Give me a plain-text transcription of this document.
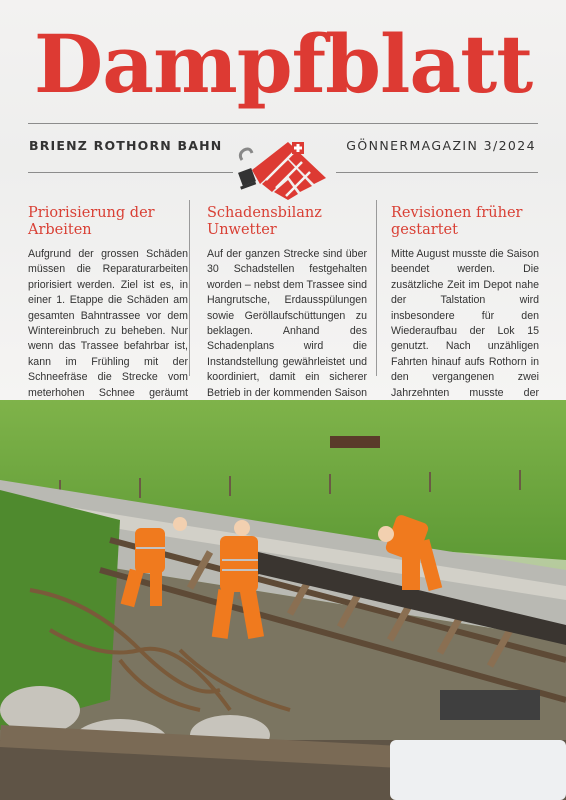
Dampfblatt
BRIENZ ROTHORN BAHN	GÖNNERMAGAZIN 3/2024
Priorisierung der Arbeiten

Aufgrund der grossen Schäden müssen die Reparaturarbeiten priorisiert werden. Ziel ist es, in einer 1. Etappe die Schäden am gesamten Bahntrassee vor dem Wintereinbruch zu beheben. Nur wenn das Trassee befahrbar ist, kann im Frühling mit der Schneefräse die Strecke vom meterhohen Schnee geräumt

Schadensbilanz Unwetter

Auf der ganzen Strecke sind über 30 Schadstellen festgehalten worden – nebst dem Trassee sind Hangrutsche, Erdausspülungen sowie Geröllaufschüttungen zu beklagen. Anhand des Schadenplans wird die Instandstellung gewährleistet und koordiniert, damit ein sicherer Betrieb in der kommenden Saison

Revisionen früher gestartet

Mitte August musste die Saison beendet werden. Die zusätzliche Zeit im Depot nahe der Talstation wird insbesondere für den Wiederaufbau der Lok 15 genutzt. Nach unzähligen Fahrten hinauf aufs Rothorn in den vergangenen zwei Jahrzehnten musste der
